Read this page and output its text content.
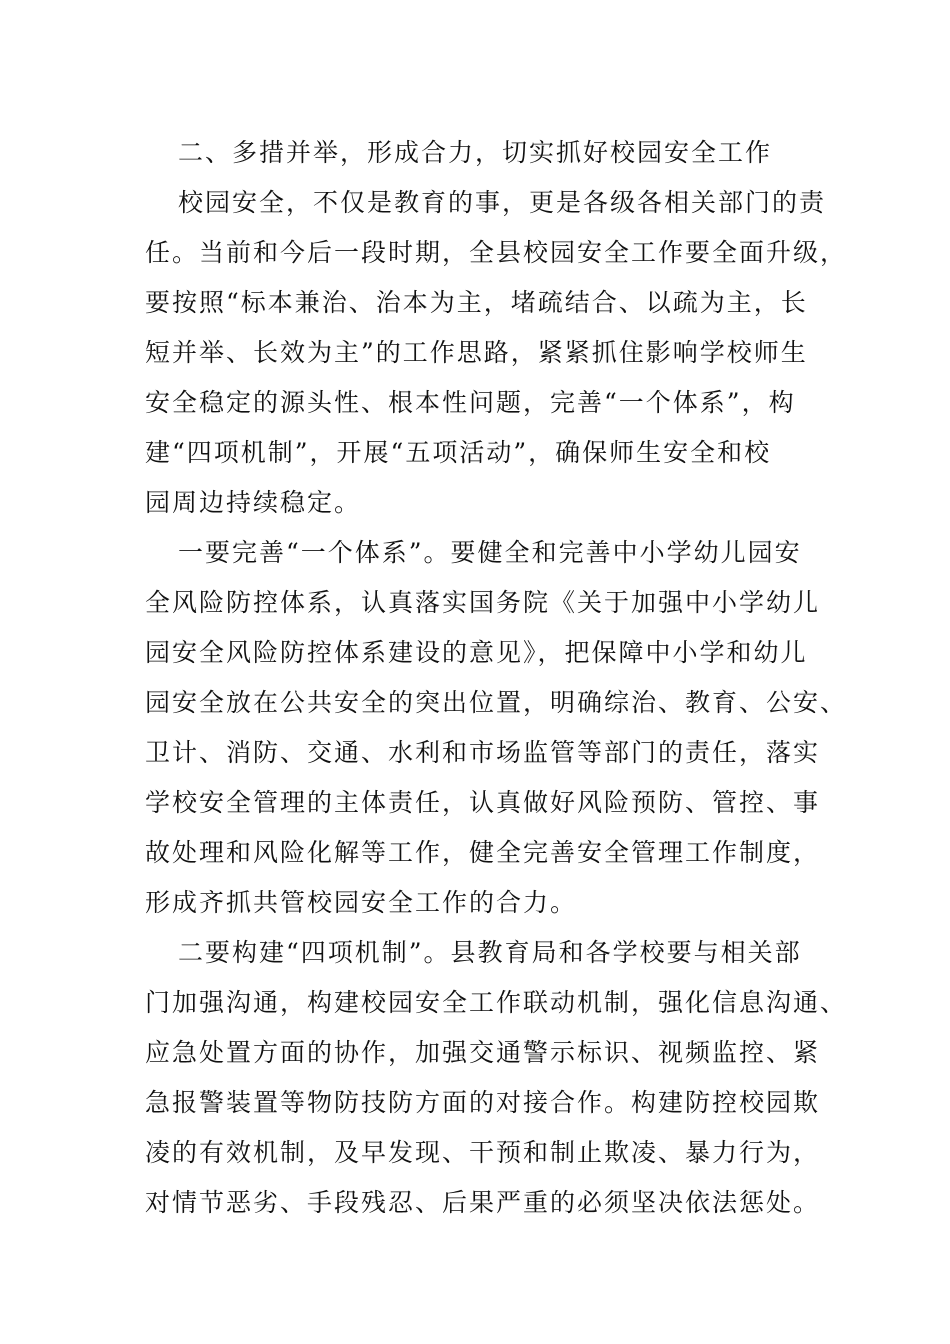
二、多措并举，形成合力，切实抓好校园安全工作
校园安全，不仅是教育的事，更是各级各相关部门的责
任。当前和今后一段时期，全县校园安全工作要全面升级，
要按照“标本兼治、治本为主，堵疏结合、以疏为主，长
短并举、长效为主”的工作思路，紧紧抓住影响学校师生
安全稳定的源头性、根本性问题，完善“一个体系”，构
建“四项机制”，开展“五项活动”，确保师生安全和校
园周边持续稳定。
一要完善“一个体系”。要健全和完善中小学幼儿园安
全风险防控体系，认真落实国务院《关于加强中小学幼儿
园安全风险防控体系建设的意见》，把保障中小学和幼儿
园安全放在公共安全的突出位置，明确综治、教育、公安、
卫计、消防、交通、水利和市场监管等部门的责任，落实
学校安全管理的主体责任，认真做好风险预防、管控、事
故处理和风险化解等工作，健全完善安全管理工作制度，
形成齐抓共管校园安全工作的合力。
二要构建“四项机制”。县教育局和各学校要与相关部
门加强沟通，构建校园安全工作联动机制，强化信息沟通、
应急处置方面的协作，加强交通警示标识、视频监控、紧
急报警装置等物防技防方面的对接合作。构建防控校园欺
凌的有效机制，及早发现、干预和制止欺凌、暴力行为，
对情节恶劣、手段残忍、后果严重的必须坚决依法惩处。
